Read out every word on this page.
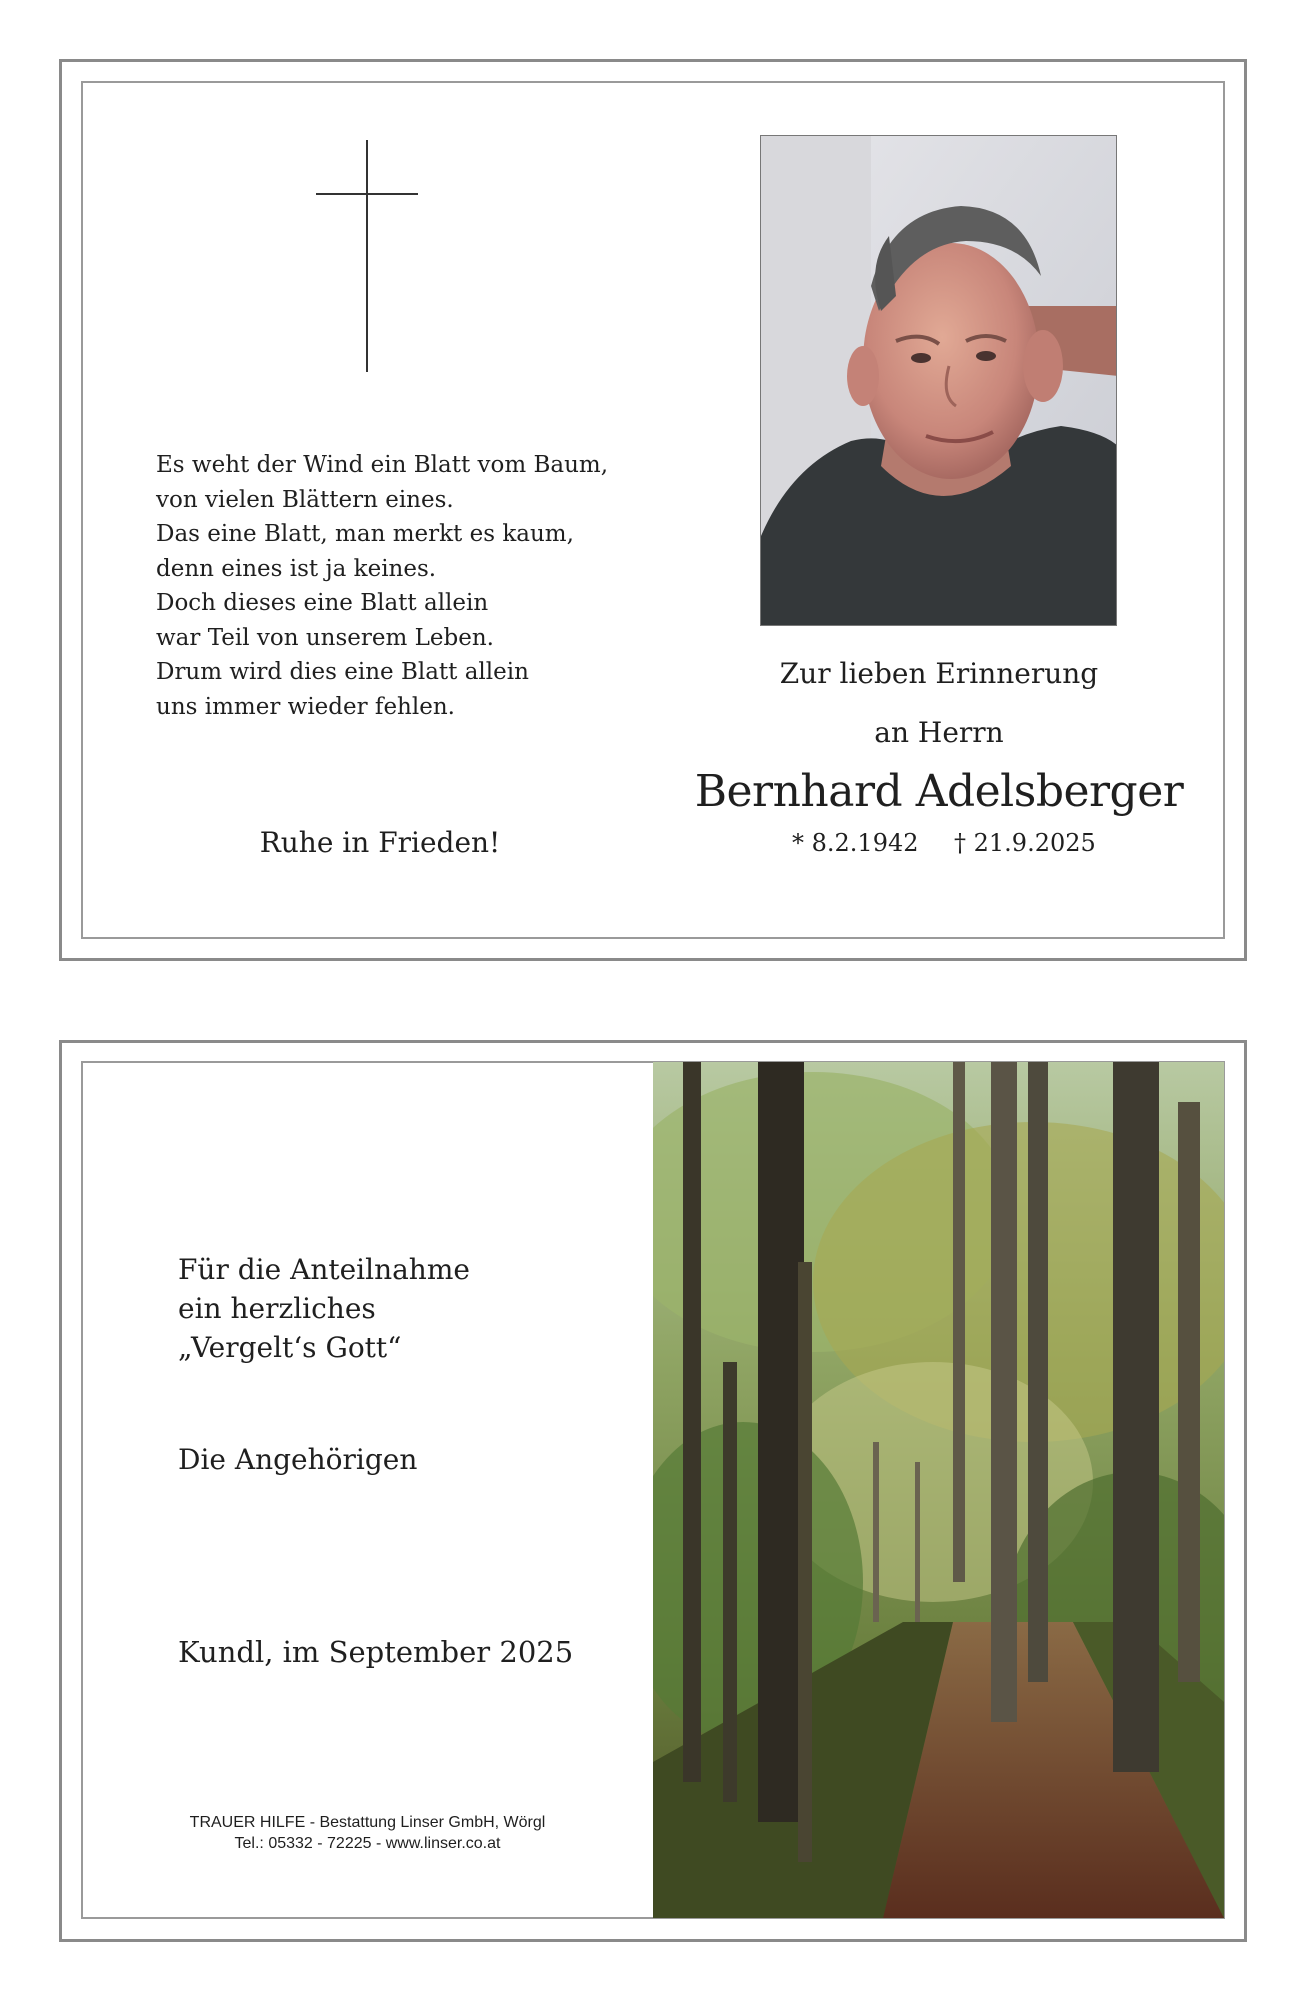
Es weht der Wind ein Blatt vom Baum,
von vielen Blättern eines.
Das eine Blatt, man merkt es kaum,
denn eines ist ja keines.
Doch dieses eine Blatt allein
war Teil von unserem Leben.
Drum wird dies eine Blatt allein
uns immer wieder fehlen.
Ruhe in Frieden!
Zur lieben Erinnerung
an Herrn
Bernhard Adelsberger
* 8.2.1942 † 21.9.2025
Für die Anteilnahme
ein herzliches
„Vergelt‘s Gott“
Die Angehörigen
Kundl, im September 2025
TRAUER HILFE - Bestattung Linser GmbH, Wörgl
Tel.: 05332 - 72225 - www.linser.co.at
